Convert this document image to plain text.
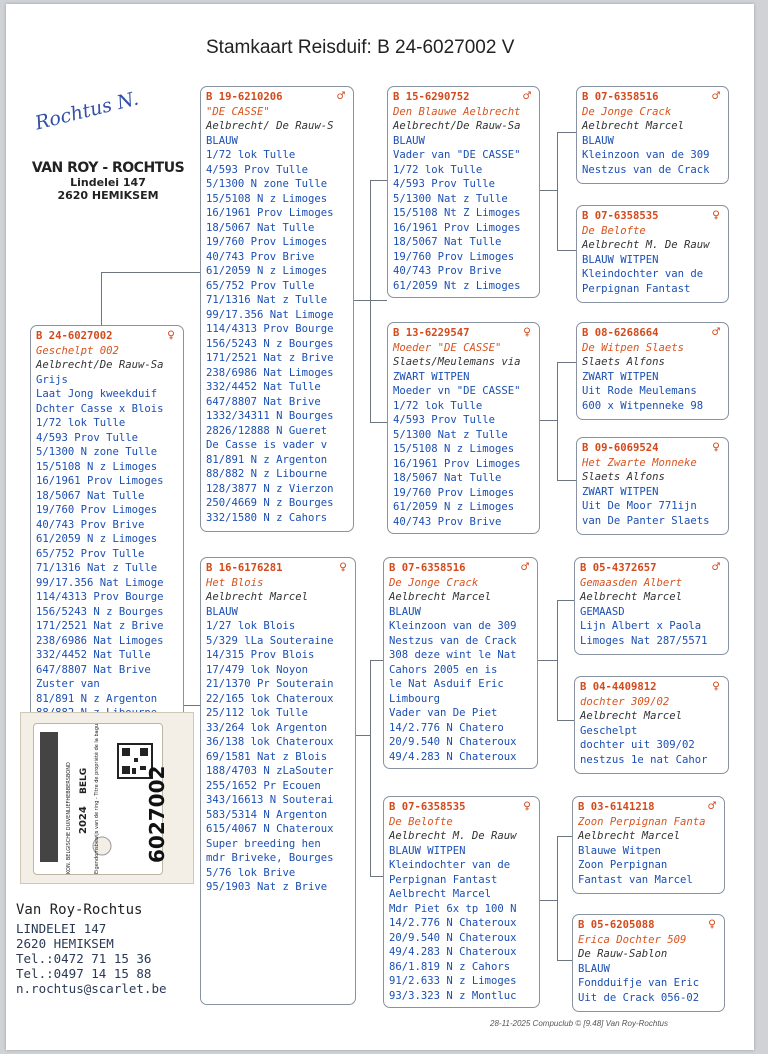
Stamkaart Reisduif: B 24-6027002 V
Rochtus N.
VAN ROY - ROCHTUS
Lindelei 147
2620 HEMIKSEM
B 24-6027002	♀
Geschelpt 002
Aelbrecht/De Rauw-Sa
Grijs
Laat Jong kweekduif
Dchter Casse x Blois
1/72 lok Tulle
4/593 Prov Tulle
5/1300 N zone Tulle
15/5108 N z Limoges
16/1961 Prov Limoges
18/5067 Nat Tulle
19/760 Prov Limoges
40/743 Prov Brive
61/2059 N z Limoges
65/752 Prov Tulle
71/1316 Nat z Tulle
99/17.356 Nat Limoge
114/4313 Prov Bourge
156/5243 N z Bourges
171/2521 Nat z Brive
238/6986 Nat Limoges
332/4452 Nat Tulle
647/8807 Nat Brive
Zuster van
81/891 N z Argenton
B 19-6210206	♂
"DE CASSE"
Aelbrecht/ De Rauw-S
BLAUW
1/72 lok Tulle
4/593 Prov Tulle
5/1300 N zone Tulle
15/5108 N z Limoges
16/1961 Prov Limoges
18/5067 Nat Tulle
19/760 Prov Limoges
40/743 Prov Brive
61/2059 N z Limoges
65/752 Prov Tulle
71/1316 Nat z Tulle
99/17.356 Nat Limoge
114/4313 Prov Bourge
156/5243 N z Bourges
171/2521 Nat z Brive
238/6986 Nat Limoges
332/4452 Nat Tulle
647/8807 Nat Brive
1332/34311 N Bourges
2826/12888 N Gueret
De Casse is vader v
81/891 N z Argenton
88/882 N z Libourne
128/3877 N z Vierzon
250/4669 N z Bourges
332/1580 N z Cahors
B 16-6176281	♀
Het Blois
Aelbrecht Marcel
BLAUW
1/27 lok Blois
5/329 lLa Souteraine
14/315 Prov Blois
17/479 lok Noyon
21/1370 Pr Souterain
22/165 lok Chateroux
25/112 lok Tulle
33/264 lok Argenton
36/138 lok Chateroux
69/1581 Nat z Blois
188/4703 N zLaSouter
255/1652 Pr Ecouen
343/16613 N Souterai
583/5314 N Argenton
615/4067 N Chateroux
Super breeding hen
mdr Briveke, Bourges
5/76 lok Brive
95/1903 Nat z Brive
B 15-6290752	♂
Den Blauwe Aelbrecht
Aelbrecht/De Rauw-Sa
BLAUW
Vader van "DE CASSE"
1/72 lok Tulle
4/593 Prov Tulle
5/1300 Nat z Tulle
15/5108 Nt Z Limoges
16/1961 Prov Limoges
18/5067 Nat Tulle
19/760 Prov Limoges
40/743 Prov Brive
61/2059 Nt z Limoges
B 13-6229547	♀
Moeder "DE CASSE"
Slaets/Meulemans via
ZWART WITPEN
Moeder vn "DE CASSE"
1/72 lok Tulle
4/593 Prov Tulle
5/1300 Nat z Tulle
15/5108 N z Limoges
16/1961 Prov Limoges
18/5067 Nat Tulle
19/760 Prov Limoges
61/2059 N z Limoges
40/743 Prov Brive
B 07-6358516	♂
De Jonge Crack
Aelbrecht Marcel
BLAUW
Kleinzoon van de 309
Nestzus van de Crack
308 deze wint le Nat
Cahors 2005 en is
le Nat Asduif Eric
Limbourg
Vader van De Piet
14/2.776 N Chatero
20/9.540 N Chateroux
49/4.283 N Chateroux
B 07-6358535	♀
De Belofte
Aelbrecht M. De Rauw
BLAUW WITPEN
Kleindochter van de
Perpignan Fantast
Aelbrecht Marcel
Mdr Piet 6x tp 100 N
14/2.776 N Chateroux
20/9.540 N Chateroux
49/4.283 N Chateroux
86/1.819 N z Cahors
91/2.633 N z Limoges
93/3.323 N z Montluc
B 07-6358516	♂
De Jonge Crack
Aelbrecht Marcel
BLAUW
Kleinzoon van de 309
Nestzus van de Crack
B 07-6358535	♀
De Belofte
Aelbrecht M. De Rauw
BLAUW WITPEN
Kleindochter van de
Perpignan Fantast
B 08-6268664	♂
De Witpen Slaets
Slaets Alfons
ZWART WITPEN
Uit Rode Meulemans
600 x Witpenneke 98
B 09-6069524	♀
Het Zwarte Monneke
Slaets Alfons
ZWART WITPEN
Uit De Moor 771ijn
van De Panter Slaets
B 05-4372657	♂
Gemaasden Albert
Aelbrecht Marcel
GEMAASD
Lijn Albert x Paola
Limoges Nat 287/5571
B 04-4409812	♀
dochter 309/02
Aelbrecht Marcel
Geschelpt
dochter uit 309/02
nestzus 1e nat Cahor
B 03-6141218	♂
Zoon Perpignan Fanta
Aelbrecht Marcel
Blauwe Witpen
Zoon Perpignan
Fantast van Marcel
B 05-6205088	♀
Erica Dochter 509
De Rauw-Sablon
BLAUW
Fondduifje van Eric
Uit de Crack 056-02
2024
BELG
KON. BELGISCHE DUIVENLIEFHEBBERSBOND	Eigendomsbewijs van de ring - Titre de propriété de la bague 6027002
Van Roy-Rochtus
LINDELEI 147
2620 HEMIKSEM
Tel.:0472 71 15 36
Tel.:0497 14 15 88
n.rochtus@scarlet.be
28-11-2025 Compuclub © [9.48] Van Roy-Rochtus
